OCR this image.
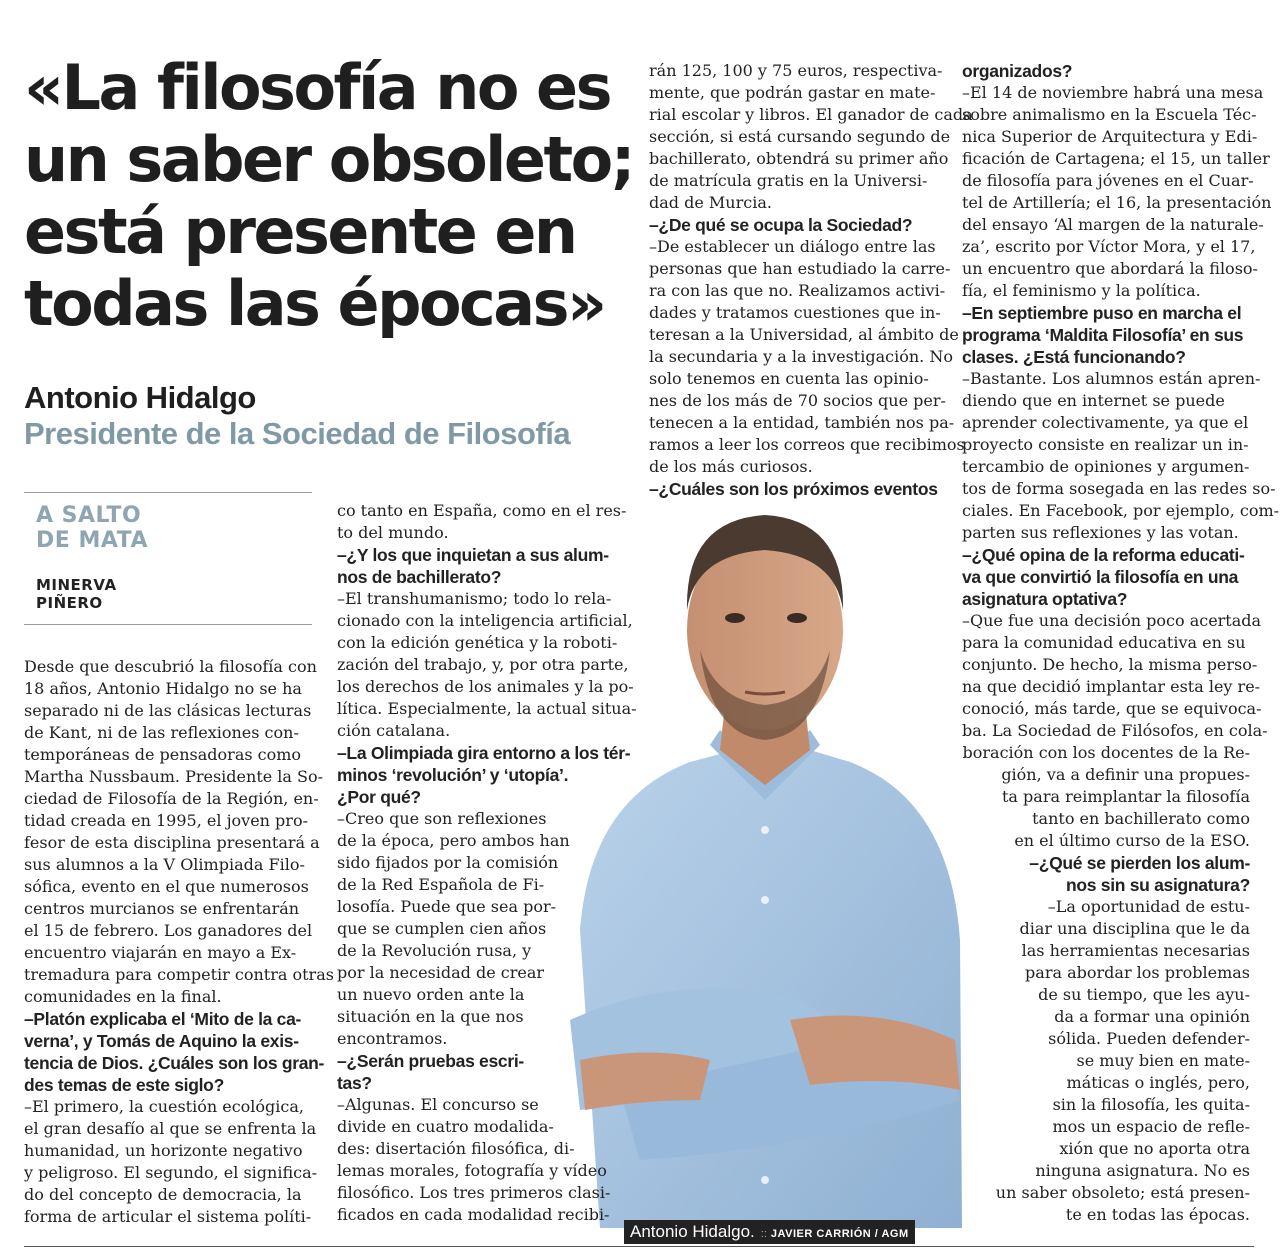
«La filosofía no es
un saber obsoleto;
está presente en
todas las épocas»
Antonio Hidalgo
Presidente de la Sociedad de Filosofía
A SALTO
DE MATA
MINERVA
PIÑERO
Desde que descubrió la filosofía con
18 años, Antonio Hidalgo no se ha
separado ni de las clásicas lecturas
de Kant, ni de las reflexiones con-
temporáneas de pensadoras como
Martha Nussbaum. Presidente la So-
ciedad de Filosofía de la Región, en-
tidad creada en 1995, el joven pro-
fesor de esta disciplina presentará a
sus alumnos a la V Olimpiada Filo-
sófica, evento en el que numerosos
centros murcianos se enfrentarán
el 15 de febrero. Los ganadores del
encuentro viajarán en mayo a Ex-
tremadura para competir contra otras
comunidades en la final.
–Platón explicaba el ‘Mito de la ca-
verna’, y Tomás de Aquino la exis-
tencia de Dios. ¿Cuáles son los gran-
des temas de este siglo?
–El primero, la cuestión ecológica,
el gran desafío al que se enfrenta la
humanidad, un horizonte negativo
y peligroso. El segundo, el significa-
do del concepto de democracia, la
forma de articular el sistema políti-
co tanto en España, como en el res-
to del mundo.
–¿Y los que inquietan a sus alum-
nos de bachillerato?
–El transhumanismo; todo lo rela-
cionado con la inteligencia artificial,
con la edición genética y la roboti-
zación del trabajo, y, por otra parte,
los derechos de los animales y la po-
lítica. Especialmente, la actual situa-
ción catalana.
–La Olimpiada gira entorno a los tér-
minos ‘revolución’ y ‘utopía’.
¿Por qué?
–Creo que son reflexiones
de la época, pero ambos han
sido fijados por la comisión
de la Red Española de Fi-
losofía. Puede que sea por-
que se cumplen cien años
de la Revolución rusa, y
por la necesidad de crear
un nuevo orden ante la
situación en la que nos
encontramos.
–¿Serán pruebas escri-
tas?
–Algunas. El concurso se
divide en cuatro modalida-
des: disertación filosófica, di-
lemas morales, fotografía y vídeo
filosófico. Los tres primeros clasi-
ficados en cada modalidad recibi-
rán 125, 100 y 75 euros, respectiva-
mente, que podrán gastar en mate-
rial escolar y libros. El ganador de cada
sección, si está cursando segundo de
bachillerato, obtendrá su primer año
de matrícula gratis en la Universi-
dad de Murcia.
–¿De qué se ocupa la Sociedad?
–De establecer un diálogo entre las
personas que han estudiado la carre-
ra con las que no. Realizamos activi-
dades y tratamos cuestiones que in-
teresan a la Universidad, al ámbito de
la secundaria y a la investigación. No
solo tenemos en cuenta las opinio-
nes de los más de 70 socios que per-
tenecen a la entidad, también nos pa-
ramos a leer los correos que recibimos
de los más curiosos.
–¿Cuáles son los próximos eventos
organizados?
–El 14 de noviembre habrá una mesa
sobre animalismo en la Escuela Téc-
nica Superior de Arquitectura y Edi-
ficación de Cartagena; el 15, un taller
de filosofía para jóvenes en el Cuar-
tel de Artillería; el 16, la presentación
del ensayo ‘Al margen de la naturale-
za’, escrito por Víctor Mora, y el 17,
un encuentro que abordará la filoso-
fía, el feminismo y la política.
–En septiembre puso en marcha el
programa ‘Maldita Filosofía’ en sus
clases. ¿Está funcionando?
–Bastante. Los alumnos están apren-
diendo que en internet se puede
aprender colectivamente, ya que el
proyecto consiste en realizar un in-
tercambio de opiniones y argumen-
tos de forma sosegada en las redes so-
ciales. En Facebook, por ejemplo, com-
parten sus reflexiones y las votan.
–¿Qué opina de la reforma educati-
va que convirtió la filosofía en una
asignatura optativa?
–Que fue una decisión poco acertada
para la comunidad educativa en su
conjunto. De hecho, la misma perso-
na que decidió implantar esta ley re-
conoció, más tarde, que se equivoca-
ba. La Sociedad de Filósofos, en cola-
boración con los docentes de la Re-
gión, va a definir una propues-
ta para reimplantar la filosofía
tanto en bachillerato como
en el último curso de la ESO.
–¿Qué se pierden los alum-
nos sin su asignatura?
–La oportunidad de estu-
diar una disciplina que le da
las herramientas necesarias
para abordar los problemas
de su tiempo, que les ayu-
da a formar una opinión
sólida. Pueden defender-
se muy bien en mate-
máticas o inglés, pero,
sin la filosofía, les quita-
mos un espacio de refle-
xión que no aporta otra
ninguna asignatura. No es
un saber obsoleto; está presen-
te en todas las épocas.
Antonio Hidalgo. :: JAVIER CARRIÓN / AGM
